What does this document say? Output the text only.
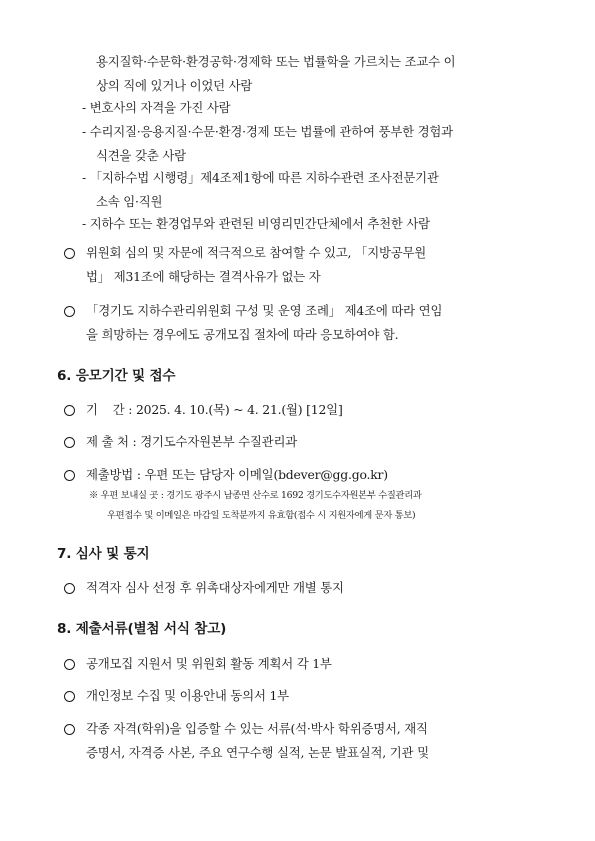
용지질학·수문학·환경공학·경제학 또는 법률학을 가르치는 조교수 이
상의 직에 있거나 이었던 사람
- 변호사의 자격을 가진 사람
- 수리지질·응용지질·수문·환경·경제 또는 법률에 관하여 풍부한 경험과
식견을 갖춘 사람
- 「지하수법 시행령」제4조제1항에 따른 지하수관련 조사전문기관
소속 임·직원
- 지하수 또는 환경업무와 관련된 비영리민간단체에서 추천한 사람
위원회 심의 및 자문에 적극적으로 참여할 수 있고, 「지방공무원
법」 제31조에 해당하는 결격사유가 없는 자
「경기도 지하수관리위원회 구성 및 운영 조례」 제4조에 따라 연임
을 희망하는 경우에도 공개모집 절차에 따라 응모하여야 함.
6. 응모기간 및 접수
기    간 : 2025. 4. 10.(목) ~ 4. 21.(월) [12일]
제 출 처 : 경기도수자원본부 수질관리과
제출방법 : 우편 또는 담당자 이메일(bdever@gg.go.kr)
※ 우편 보내실 곳 : 경기도 광주시 남종면 산수로 1692 경기도수자원본부 수질관리과
우편접수 및 이메일은 마감일 도착분까지 유효함(접수 시 지원자에게 문자 통보)
7. 심사 및 통지
적격자 심사 선정 후 위촉대상자에게만 개별 통지
8. 제출서류(별첨 서식 참고)
공개모집 지원서 및 위원회 활동 계획서 각 1부
개인정보 수집 및 이용안내 동의서 1부
각종 자격(학위)을 입증할 수 있는 서류(석·박사 학위증명서, 재직
증명서, 자격증 사본, 주요 연구수행 실적, 논문 발표실적, 기관 및
